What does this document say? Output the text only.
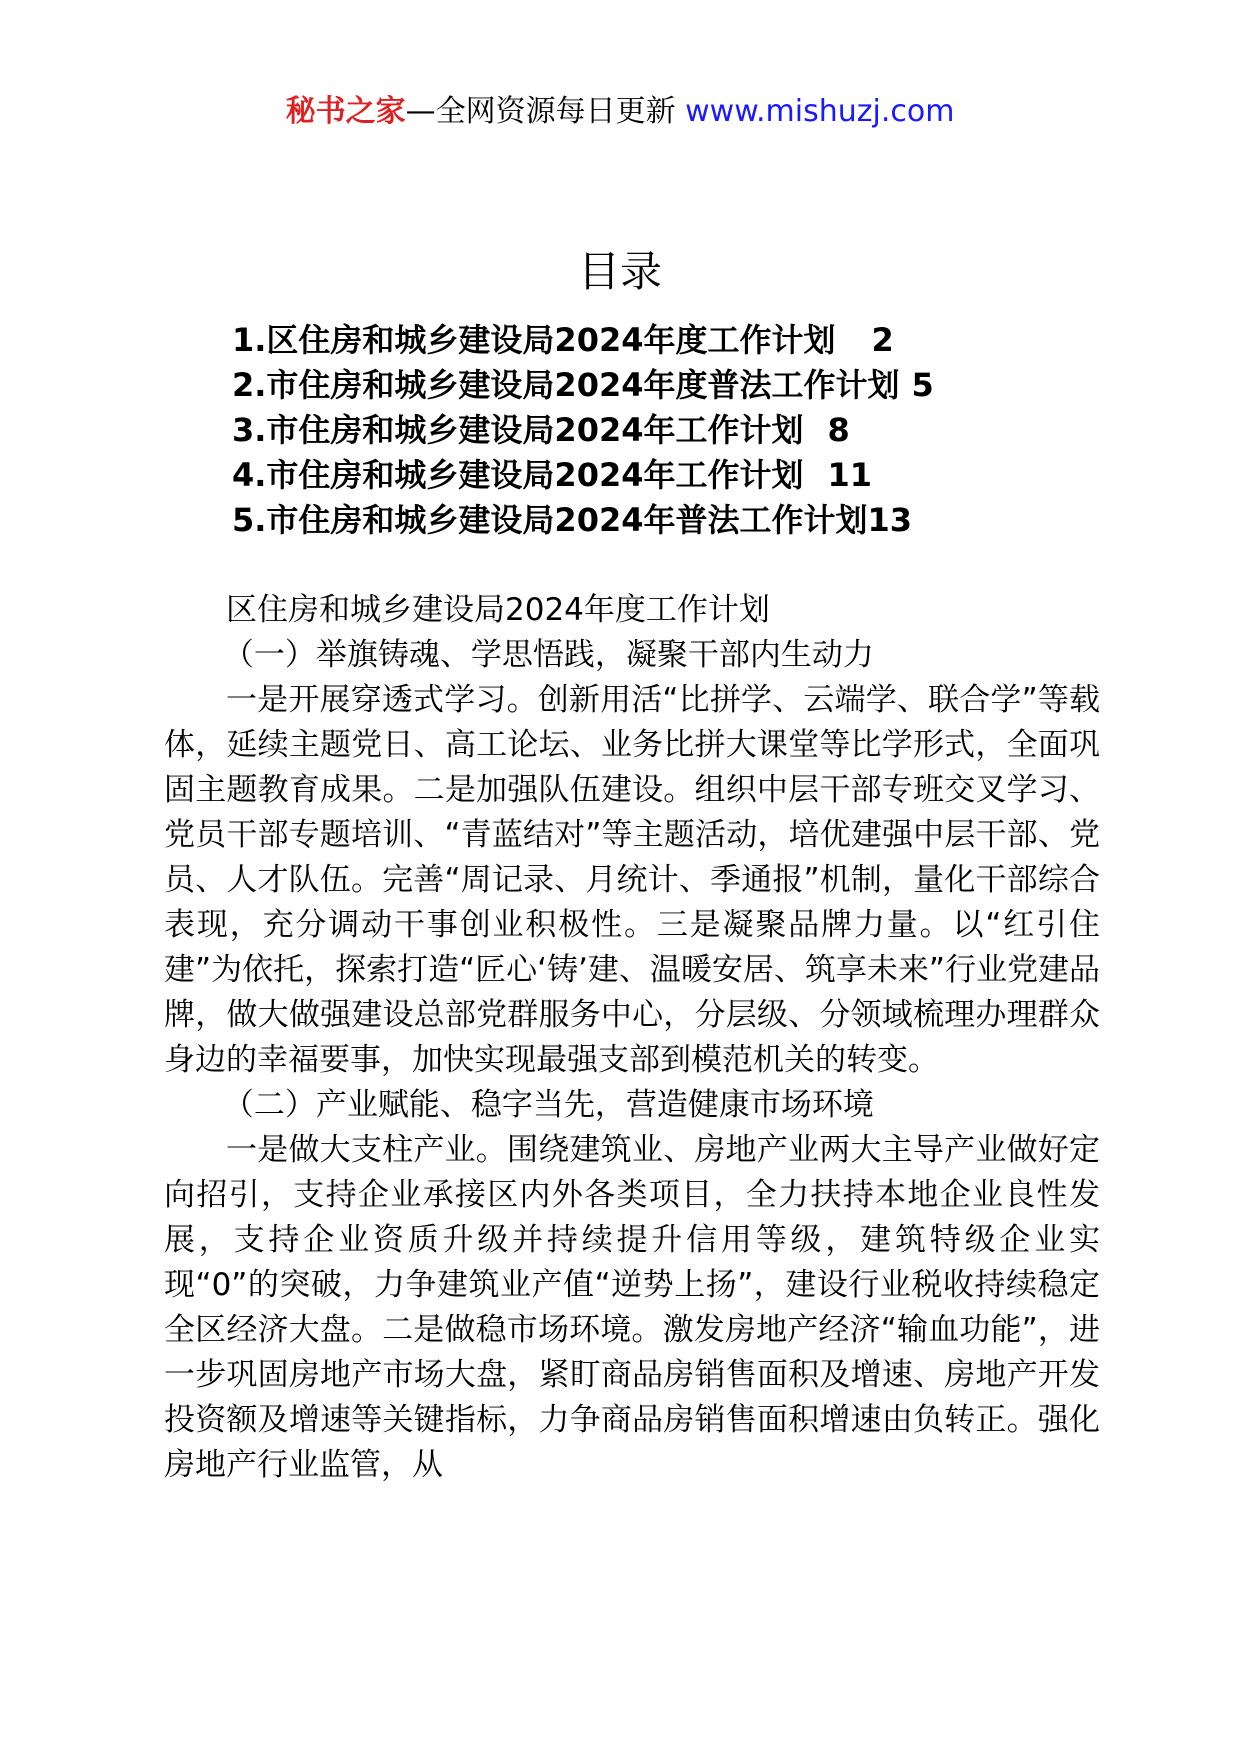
秘书之家—全网资源每日更新 www.mishuzj.com
目录
1.区住房和城乡建设局2024年度工作计划 2
2.市住房和城乡建设局2024年度普法工作计划 5
3.市住房和城乡建设局2024年工作计划 8
4.市住房和城乡建设局2024年工作计划 11
5.市住房和城乡建设局2024年普法工作计划13

区住房和城乡建设局2024年度工作计划

（一）举旗铸魂、学思悟践，凝聚干部内生动力

一是开展穿透式学习。创新用活“比拼学、云端学、联合学”等载体，延续主题党日、高工论坛、业务比拼大课堂等比学形式，全面巩固主题教育成果。二是加强队伍建设。组织中层干部专班交叉学习、党员干部专题培训、“青蓝结对”等主题活动，培优建强中层干部、党员、人才队伍。完善“周记录、月统计、季通报”机制，量化干部综合表现，充分调动干事创业积极性。三是凝聚品牌力量。以“红引住建”为依托，探索打造“匠心‘铸’建、温暖安居、筑享未来”行业党建品牌，做大做强建设总部党群服务中心，分层级、分领域梳理办理群众身边的幸福要事，加快实现最强支部到模范机关的转变。

（二）产业赋能、稳字当先，营造健康市场环境

一是做大支柱产业。围绕建筑业、房地产业两大主导产业做好定向招引，支持企业承接区内外各类项目，全力扶持本地企业良性发展，支持企业资质升级并持续提升信用等级，建筑特级企业实现“0”的突破，力争建筑业产值“逆势上扬”，建设行业税收持续稳定全区经济大盘。二是做稳市场环境。激发房地产经济“输血功能”，进一步巩固房地产市场大盘，紧盯商品房销售面积及增速、房地产开发投资额及增速等关键指标，力争商品房销售面积增速由负转正。强化房地产行业监管，从
